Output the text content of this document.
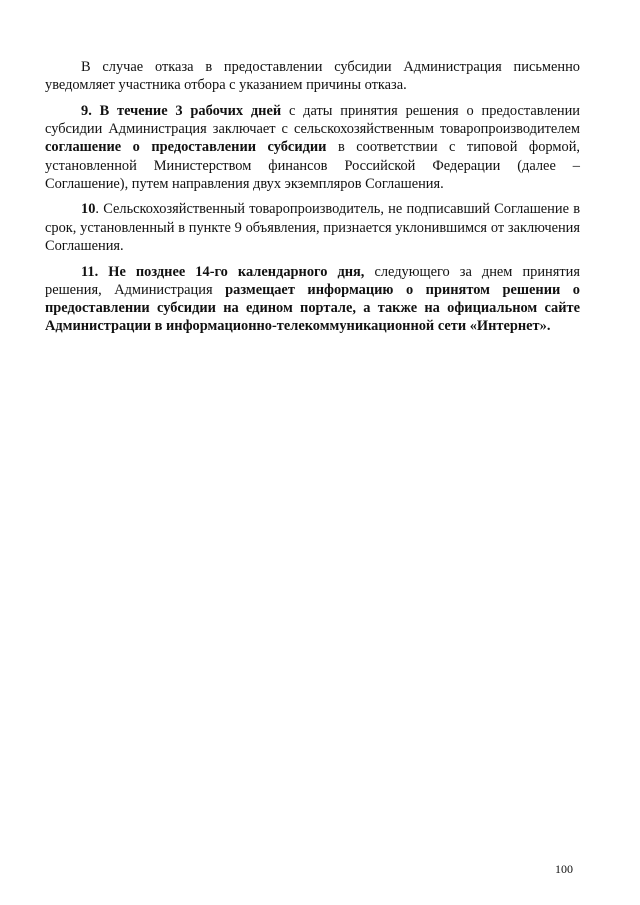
В случае отказа в предоставлении субсидии Администрация письменно уведомляет участника отбора с указанием причины отказа.

9. В течение 3 рабочих дней с даты принятия решения о предоставлении субсидии Администрация заключает с сельскохозяйственным товаропроизводителем соглашение о предоставлении субсидии в соответствии с типовой формой, установленной Министерством финансов Российской Федерации (далее – Соглашение), путем направления двух экземпляров Соглашения.

10. Сельскохозяйственный товаропроизводитель, не подписавший Соглашение в срок, установленный в пункте 9 объявления, признается уклонившимся от заключения Соглашения.

11. Не позднее 14-го календарного дня, следующего за днем принятия решения, Администрация размещает информацию о принятом решении о предоставлении субсидии на едином портале, а также на официальном сайте Администрации в информационно-телекоммуникационной сети «Интернет».

100
